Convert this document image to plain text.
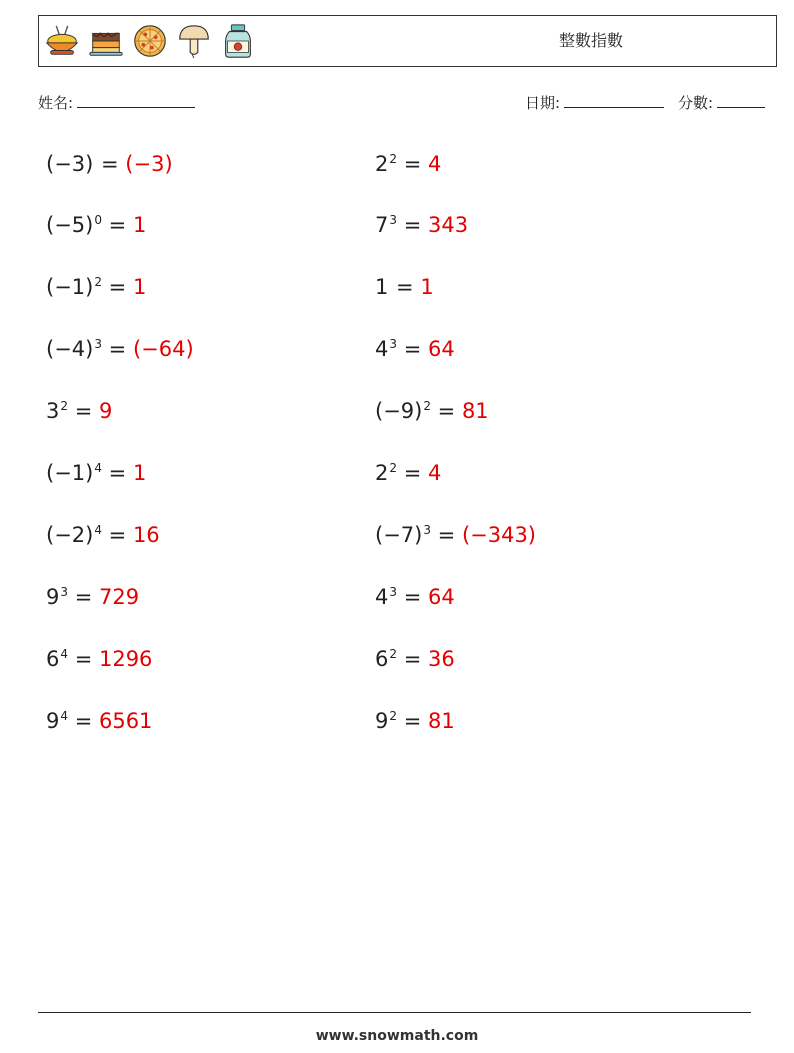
整數指數
姓名:	日期:	分數:
(−3) = (−3)	$2^2 = 4$
$(-5)^0 = 1$	$7^3 = 343$
$(-1)^2 = 1$	1 = 1
$(-4)^3 = (-64)$	$4^3 = 64$
$3^2 = 9$	$(-9)^2 = 81$
$(-1)^4 = 1$	$2^2 = 4$
$(-2)^4 = 16$	$(-7)^3 = (-343)$
$9^3 = 729$	$4^3 = 64$
$6^4 = 1296$	$6^2 = 36$
$9^4 = 6561$	$9^2 = 81$
www.snowmath.com
